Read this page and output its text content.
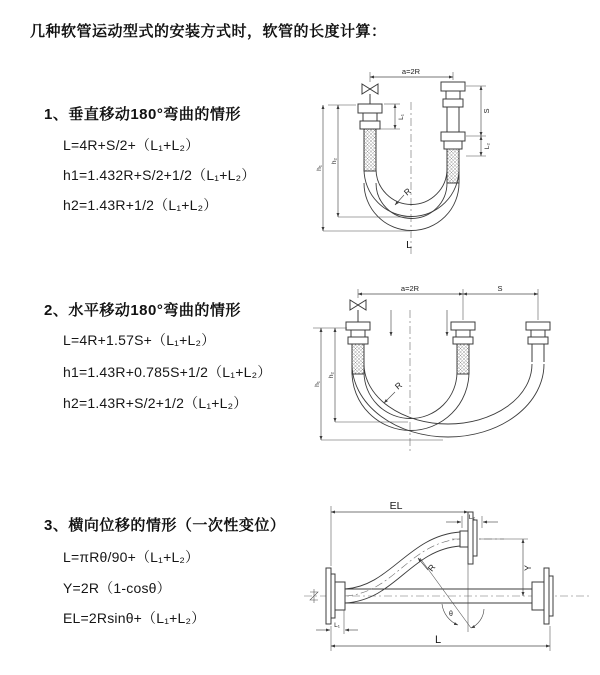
几种软管运动型式的安装方式时，软管的长度计算：
1、垂直移动180°弯曲的情形
L=4R+S/2+（L₁+L₂）
h1=1.432R+S/2+1/2（L₁+L₂）
h2=1.43R+1/2（L₁+L₂）
a=2R
S
L₂
L₁
h₂
h₁
R
L
2、水平移动180°弯曲的情形
L=4R+1.57S+（L₁+L₂）
h1=1.43R+0.785S+1/2（L₁+L₂）
h2=1.43R+S/2+1/2（L₁+L₂）
a=2R	S
h₂
h₁	R
3、横向位移的情形（一次性变位）
L=πRθ/90+（L₁+L₂）
Y=2R（1-cosθ）
EL=2Rsinθ+（L₁+L₂）	θ
R
EL
L₂
Y
L
L₁
